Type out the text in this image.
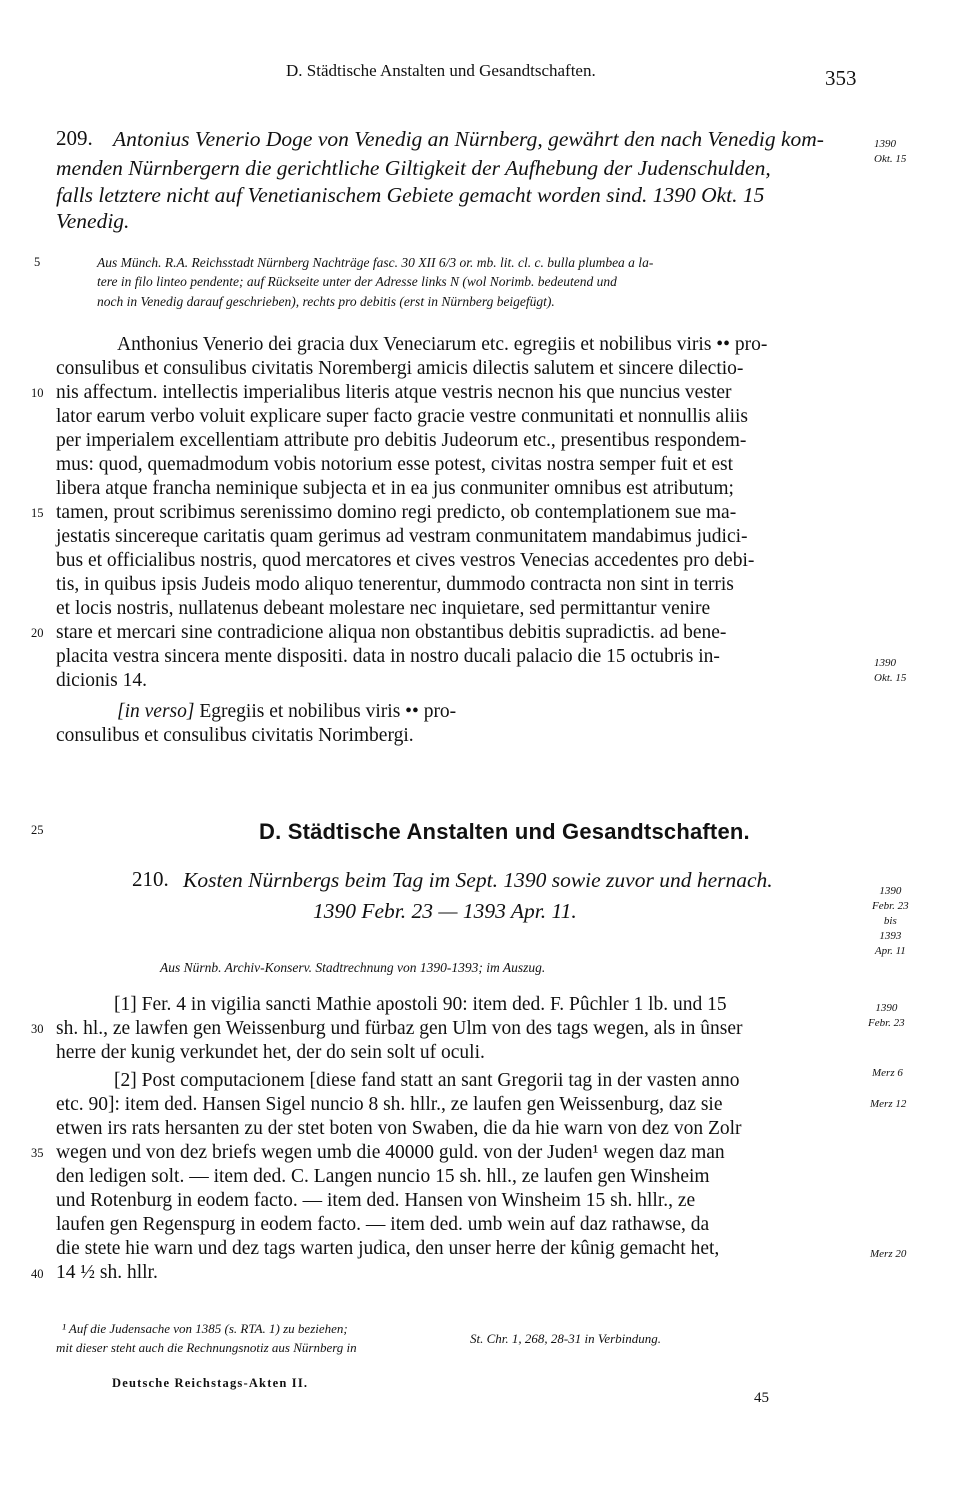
D. Städtische Anstalten und Gesandtschaften.	353
209. Antonius Venerio Doge von Venedig an Nürnberg, gewährt den nach Venedig kom-
menden Nürnbergern die gerichtliche Giltigkeit der Aufhebung der Judenschulden,
falls letztere nicht auf Venetianischem Gebiete gemacht worden sind. 1390 Okt. 15
Venedig.
1390
Okt. 15
5	Aus Münch. R.A. Reichsstadt Nürnberg Nachträge fasc. 30 XII 6/3 or. mb. lit. cl. c. bulla plumbea a la-
tere in filo linteo pendente; auf Rückseite unter der Adresse links N (wol Norimb. bedeutend und
noch in Venedig darauf geschrieben), rechts pro debitis (erst in Nürnberg beigefügt).
Anthonius Venerio dei gracia dux Veneciarum etc. egregiis et nobilibus viris •• pro-
consulibus et consulibus civitatis Norembergi amicis dilectis salutem et sincere dilectio-
10 nis affectum. intellectis imperialibus literis atque vestris necnon his que nuncius vester
lator earum verbo voluit explicare super facto gracie vestre conmunitati et nonnullis aliis
per imperialem excellentiam attribute pro debitis Judeorum etc., presentibus respondem-
mus: quod, quemadmodum vobis notorium esse potest, civitas nostra semper fuit et est
libera atque francha neminique subjecta et in ea jus conmuniter omnibus est atributum;
15 tamen, prout scribimus serenissimo domino regi predicto, ob contemplationem sue ma-
jestatis sincereque caritatis quam gerimus ad vestram conmunitatem mandabimus judici-
bus et officialibus nostris, quod mercatores et cives vestros Venecias accedentes pro debi-
tis, in quibus ipsis Judeis modo aliquo tenerentur, dummodo contracta non sint in terris
et locis nostris, nullatenus debeant molestare nec inquietare, sed permittantur venire
20 stare et mercari sine contradicione aliqua non obstantibus debitis supradictis. ad bene-
placita vestra sincera mente dispositi. data in nostro ducali palacio die 15 octubris in-
dicionis 14.
1390
Okt. 15
[in verso] Egregiis et nobilibus viris •• pro-
consulibus et consulibus civitatis Norimbergi.
25	D. Städtische Anstalten und Gesandtschaften.
210. Kosten Nürnbergs beim Tag im Sept. 1390 sowie zuvor und hernach.
1390 Febr. 23 — 1393 Apr. 11.
1390
Febr. 23
bis
1393
Apr. 11
Aus Nürnb. Archiv-Konserv. Stadtrechnung von 1390-1393; im Auszug.
[1] Fer. 4 in vigilia sancti Mathie apostoli 90: item ded. F. Pûchler 1 lb. und 15
30 sh. hl., ze lawfen gen Weissenburg und fürbaz gen Ulm von des tags wegen, als in ûnser
herre der kunig verkundet het, der do sein solt uf oculi.
[2] Post computacionem [diese fand statt an sant Gregorii tag in der vasten anno
etc. 90]: item ded. Hansen Sigel nuncio 8 sh. hllr., ze laufen gen Weissenburg, daz sie
etwen irs rats hersanten zu der stet boten von Swaben, die da hie warn von dez von Zolr
35 wegen und von dez briefs wegen umb die 40000 guld. von der Juden¹ wegen daz man
den ledigen solt. — item ded. C. Langen nuncio 15 sh. hll., ze laufen gen Winsheim
und Rotenburg in eodem facto. — item ded. Hansen von Winsheim 15 sh. hllr., ze
laufen gen Regenspurg in eodem facto. — item ded. umb wein auf daz rathawse, da
die stete hie warn und dez tags warten judica, den unser herre der kûnig gemacht het,
40 14 ½ sh. hllr.
1390
Febr. 23
Merz 6
Merz 12
Merz 20
¹ Auf die Judensache von 1385 (s. RTA. 1) zu beziehen;
mit dieser steht auch die Rechnungsnotiz aus Nürnberg in
St. Chr. 1, 268, 28-31 in Verbindung.
Deutsche Reichstags-Akten II.
45
